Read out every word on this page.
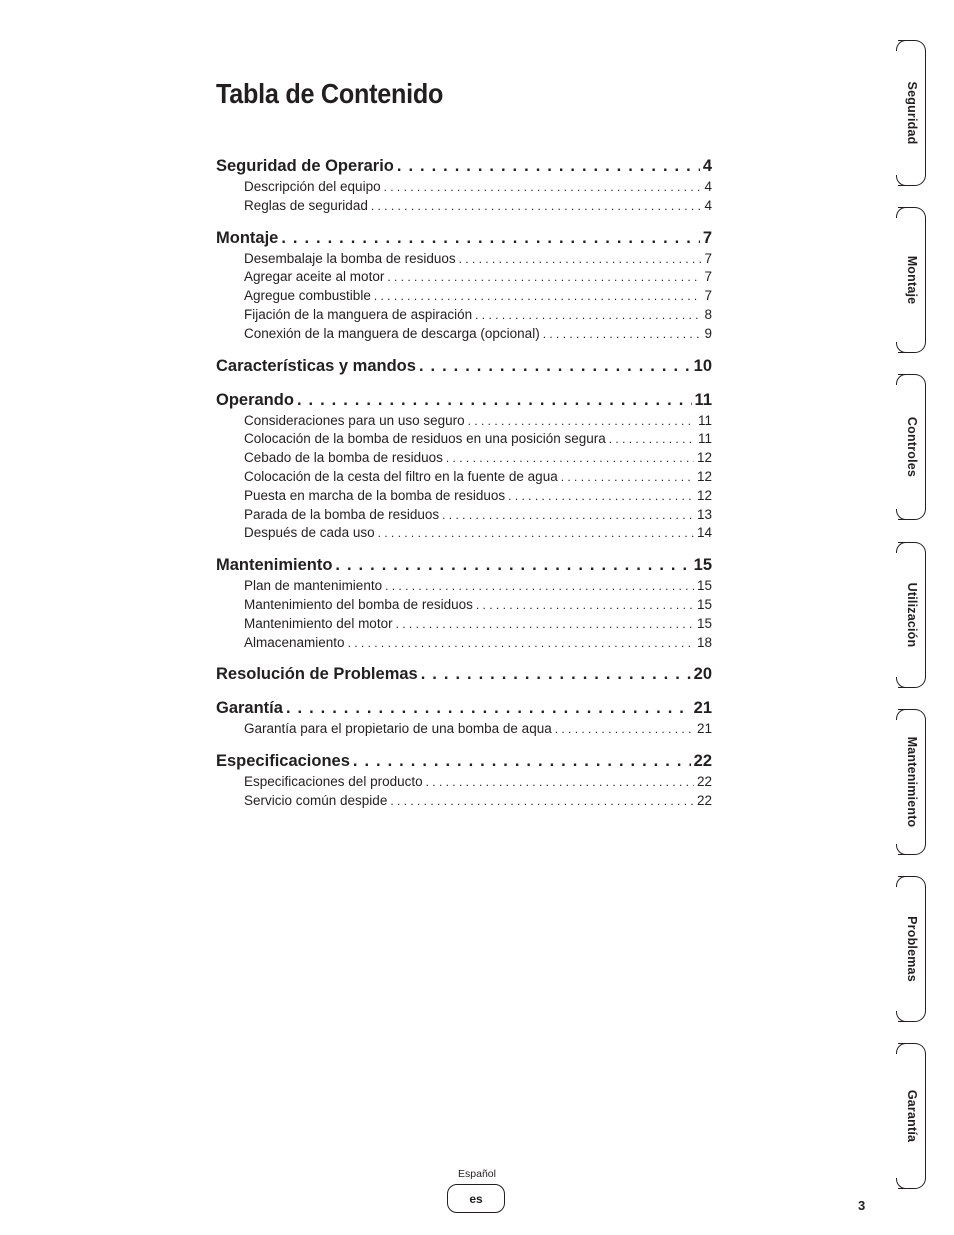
Tabla de Contenido
Seguridad de Operario . . .	4
Descripción del equipo . . .	4
Reglas de seguridad . . .	4
Montaje . . .	7
Desembalaje la bomba de residuos . . .	7
Agregar aceite al motor . . .	7
Agregue combustible . . .	7
Fijación de la manguera de aspiración . . .	8
Conexión de la manguera de descarga (opcional) . . .	9
Características y mandos . . .	10
Operando . . .	11
Consideraciones para un uso seguro . . .	11
Colocación de la bomba de residuos en una posición segura . . .	11
Cebado de la bomba de residuos . . .	12
Colocación de la cesta del filtro en la fuente de agua . . .	12
Puesta en marcha de la bomba de residuos . . .	12
Parada de la bomba de residuos . . .	13
Después de cada uso . . .	14
Mantenimiento . . .	15
Plan de mantenimiento . . .	15
Mantenimiento del bomba de residuos . . .	15
Mantenimiento del motor . . .	15
Almacenamiento . . .	18
Resolución de Problemas . . .	20
Garantía . . .	21
Garantía para el propietario de una bomba de aqua . . .	21
Especificaciones . . .	22
Especificaciones del producto . . .	22
Servicio común despide . . .	22
Seguridad
Montaje
Controles
Utilización
Mantenimiento
Problemas
Garantía
Español
es	3
